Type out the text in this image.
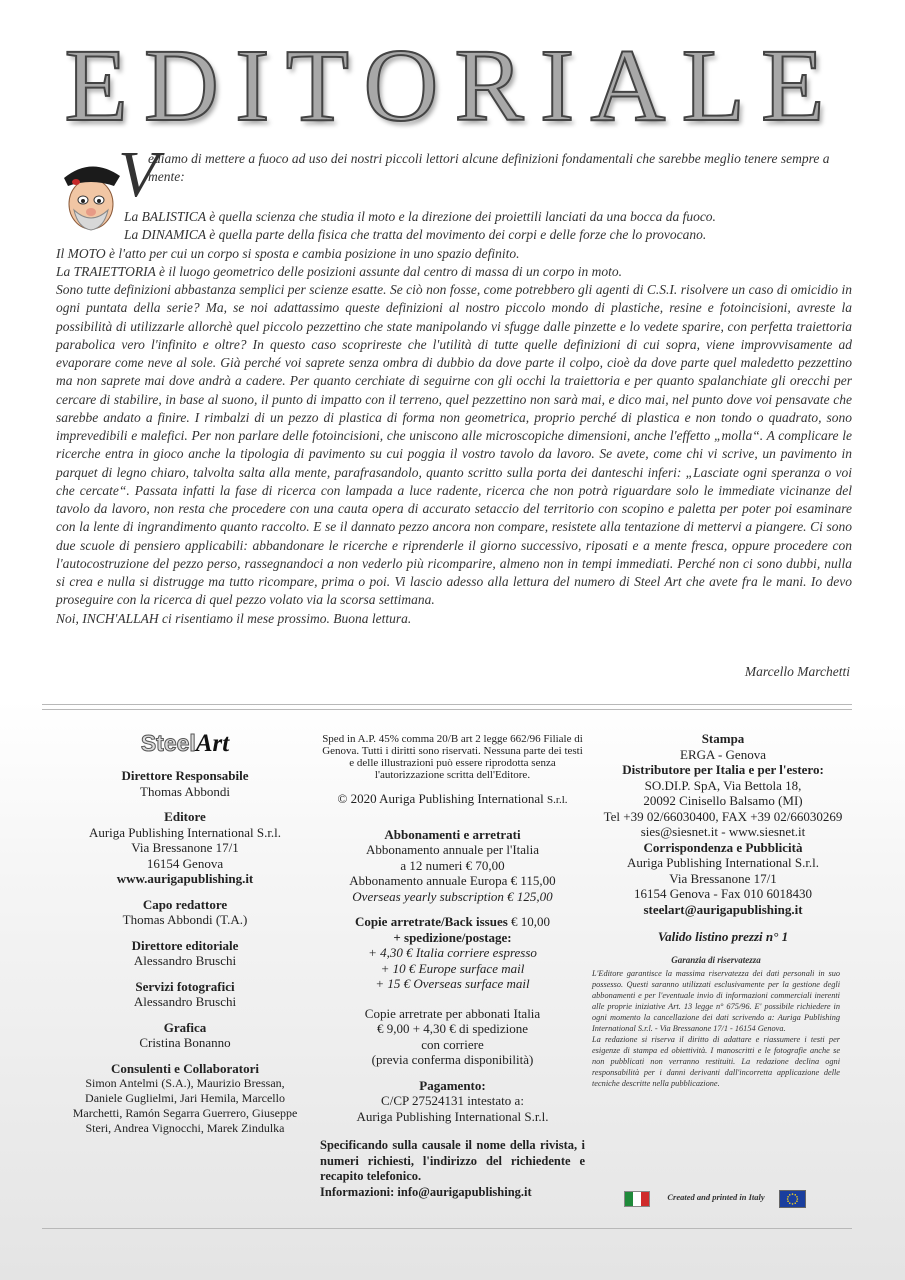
EDITORIALE
V
ediamo di mettere a fuoco ad uso dei nostri piccoli lettori alcune definizioni fondamentali che sarebbe meglio tenere sempre a mente:

La BALISTICA è quella scienza che studia il moto e la direzione dei proiettili lanciati da una bocca da fuoco.

La DINAMICA è quella parte della fisica che tratta del movimento dei corpi e delle forze che lo provocano.

Il MOTO è l'atto per cui un corpo si sposta e cambia posizione in uno spazio definito.

La TRAIETTORIA è il luogo geometrico delle posizioni assunte dal centro di massa di un corpo in moto.

Sono tutte definizioni abbastanza semplici per scienze esatte. Se ciò non fosse, come potrebbero gli agenti di C.S.I. risolvere un caso di omicidio in ogni puntata della serie? Ma, se noi adattassimo queste definizioni al nostro piccolo mondo di plastiche, resine e fotoincisioni, avreste la possibilità di utilizzarle allorchè quel piccolo pezzettino che state manipolando vi sfugge dalle pinzette e lo vedete sparire, con perfetta traiettoria parabolica vero l'infinito e oltre? In questo caso scoprireste che l'utilità di tutte quelle definizioni di cui sopra, viene improvvisamente ad evaporare come neve al sole. Già perché voi saprete senza ombra di dubbio da dove parte il colpo, cioè da dove parte quel maledetto pezzettino ma non saprete mai dove andrà a cadere. Per quanto cerchiate di seguirne con gli occhi la traiettoria e per quanto spalanchiate gli orecchi per cercare di stabilire, in base al suono, il punto di impatto con il terreno, quel pezzettino non sarà mai, e dico mai, nel punto dove voi pensavate che sarebbe andato a finire. I rimbalzi di un pezzo di plastica di forma non geometrica, proprio perché di plastica e non tondo o quadrato, sono imprevedibili e malefici. Per non parlare delle fotoincisioni, che uniscono alle microscopiche dimensioni, anche l'effetto „molla“. A complicare le ricerche entra in gioco anche la tipologia di pavimento su cui poggia il vostro tavolo da lavoro. Se avete, come chi vi scrive, un pavimento in parquet di legno chiaro, talvolta salta alla mente, parafrasandolo, quanto scritto sulla porta dei danteschi inferi: „Lasciate ogni speranza o voi che cercate“. Passata infatti la fase di ricerca con lampada a luce radente, ricerca che non potrà riguardare solo le immediate vicinanze del tavolo da lavoro, non resta che procedere con una cauta opera di accurato setaccio del territorio con scopino e paletta per poter poi esaminare con la lente di ingrandimento quanto raccolto. E se il dannato pezzo ancora non compare, resistete alla tentazione di mettervi a piangere. Ci sono due scuole di pensiero applicabili: abbandonare le ricerche e riprenderle il giorno successivo, riposati e a mente fresca, oppure procedere con l'autocostruzione del pezzo perso, rassegnandoci a non vederlo più ricomparire, almeno non in tempi immediati. Perché non ci sono dubbi, nulla si crea e nulla si distrugge ma tutto ricompare, prima o poi. Vi lascio adesso alla lettura del numero di Steel Art che avete fra le mani. Io devo proseguire con la ricerca di quel pezzo volato via la scorsa settimana.

Noi, INCH'ALLAH ci risentiamo il mese prossimo. Buona lettura.

Marcello Marchetti
SteelArt
Direttore Responsabile
Thomas Abbondi
Editore
Auriga Publishing International S.r.l.
Via Bressanone 17/1
16154 Genova
www.aurigapublishing.it
Capo redattore
Thomas Abbondi (T.A.)
Direttore editoriale
Alessandro Bruschi
Servizi fotografici
Alessandro Bruschi
Grafica
Cristina Bonanno
Consulenti e Collaboratori
Simon Antelmi (S.A.), Maurizio Bressan, Daniele Guglielmi, Jari Hemila, Marcello Marchetti, Ramón Segarra Guerrero, Giuseppe Steri, Andrea Vignocchi, Marek Zindulka
Sped in A.P. 45% comma 20/B art 2 legge 662/96 Filiale di Genova. Tutti i diritti sono riservati. Nessuna parte dei testi e delle illustrazioni può essere riprodotta senza l'autorizzazione scritta dell'Editore.
© 2020 Auriga Publishing International S.r.l.
Abbonamenti e arretrati
Abbonamento annuale per l'Italia
a 12 numeri € 70,00
Abbonamento annuale Europa € 115,00
Overseas yearly subscription € 125,00
Copie arretrate/Back issues € 10,00
+ spedizione/postage:
+ 4,30 € Italia corriere espresso
+ 10 € Europe surface mail
+ 15 € Overseas surface mail
Copie arretrate per abbonati Italia
€ 9,00 + 4,30 € di spedizione
con corriere
(previa conferma disponibilità)
Pagamento:
C/CP 27524131 intestato a:
Auriga Publishing International S.r.l.
Specificando sulla causale il nome della rivista, i numeri richiesti, l'indirizzo del richiedente e recapito telefonico.
Informazioni: info@aurigapublishing.it
Stampa
ERGA - Genova
Distributore per Italia e per l'estero:
SO.DI.P. SpA, Via Bettola 18,
20092 Cinisello Balsamo (MI)
Tel +39 02/66030400, FAX +39 02/66030269
sies@siesnet.it - www.siesnet.it
Corrispondenza e Pubblicità
Auriga Publishing International S.r.l.
Via Bressanone 17/1
16154 Genova - Fax 010 6018430
steelart@aurigapublishing.it
Valido listino prezzi n° 1
Garanzia di riservatezza

L'Editore garantisce la massima riservatezza dei dati personali in suo possesso. Questi saranno utilizzati esclusivamente per la gestione degli abbonamenti e per l'eventuale invio di informazioni commerciali inerenti alle proprie iniziative Art. 13 legge n° 675/96. E' possibile richiedere in ogni momento la cancellazione dei dati scrivendo a: Auriga Publishing International S.r.l. - Via Bressanone 17/1 - 16154 Genova.

La redazione si riserva il diritto di adattare e riassumere i testi per esigenze di stampa ed obiettività. I manoscritti e le fotografie anche se non pubblicati non verranno restituiti. La redazione declina ogni responsabilità per i danni derivanti dall'incorretta applicazione delle tecniche descritte nella pubblicazione.

Created and printed in Italy
